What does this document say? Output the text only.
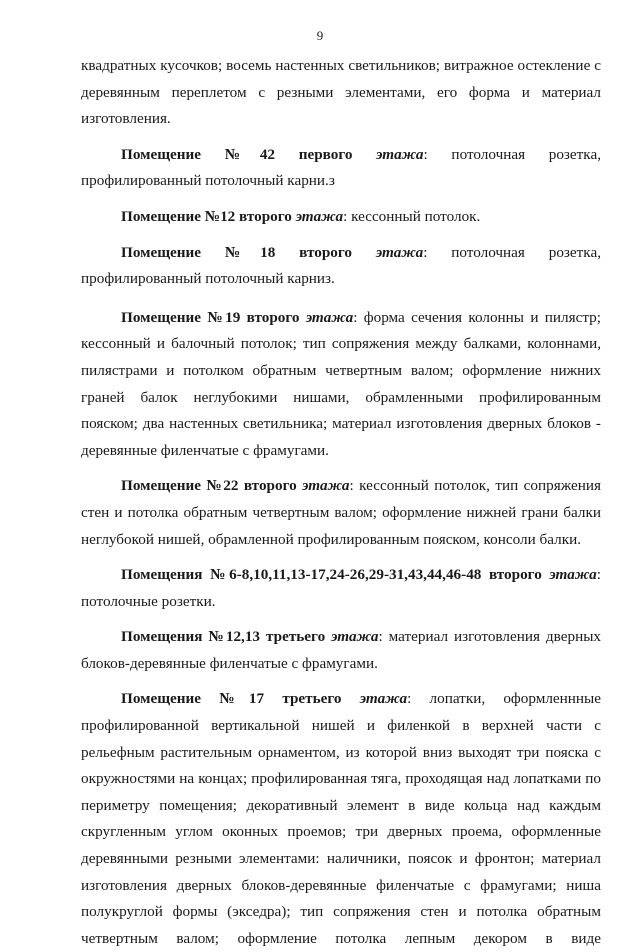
9

квадратных кусочков; восемь настенных светильников; витражное остекление с деревянным переплетом с резными элементами, его форма и материал изготовления.

Помещение №42 первого этажа: потолочная розетка, профилированный потолочный карни.з

Помещение №12 второго этажа: кессонный потолок.

Помещение №18 второго этажа: потолочная розетка, профилированный потолочный карниз.

Помещение №19 второго этажа: форма сечения колонны и пилястр; кессонный и балочный потолок; тип сопряжения между балками, колоннами, пилястрами и потолком обратным четвертным валом; оформление нижних граней балок неглубокими нишами, обрамленными профилированным пояском; два настенных светильника; материал изготовления дверных блоков - деревянные филенчатые с фрамугами.

Помещение №22 второго этажа: кессонный потолок, тип сопряжения стен и потолка обратным четвертным валом; оформление нижней грани балки неглубокой нишей, обрамленной профилированным пояском, консоли балки.

Помещения №6-8,10,11,13-17,24-26,29-31,43,44,46-48 второго этажа: потолочные розетки.

Помещения №12,13 третьего этажа: материал изготовления дверных блоков-деревянные филенчатые с фрамугами.

Помещение №17 третьего этажа: лопатки, оформленнные профилированной вертикальной нишей и филенкой в верхней части с рельефным растительным орнаментом, из которой вниз выходят три пояска с окружностями на концах; профилированная тяга, проходящая над лопатками по периметру помещения; декоративный элемент в виде кольца над каждым скругленным углом оконных проемов; три дверных проема, оформленные деревянными резными элементами: наличники, поясок и фронтон; материал изготовления дверных блоков-деревянные филенчатые с фрамугами; ниша полукруглой формы (экседра); тип сопряжения стен и потолка обратным четвертным валом; оформление потолка лепным декором в виде
